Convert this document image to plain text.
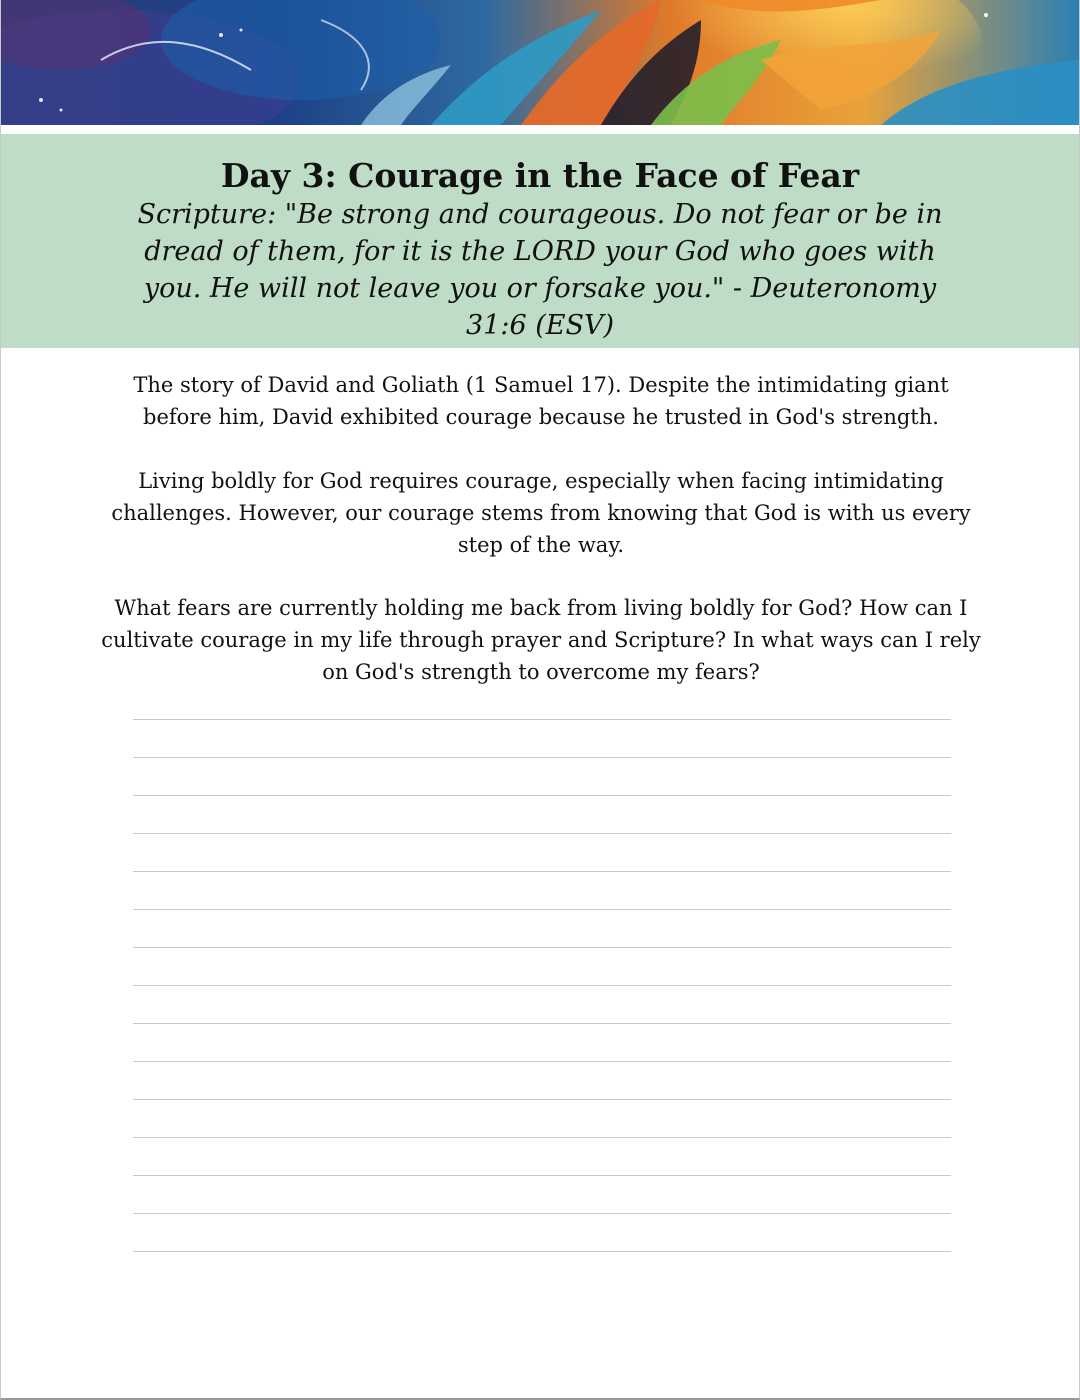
Day 3: Courage in the Face of Fear

Scripture: "Be strong and courageous. Do not fear or be in dread of them, for it is the LORD your God who goes with you. He will not leave you or forsake you." - Deuteronomy 31:6 (ESV)

The story of David and Goliath (1 Samuel 17). Despite the intimidating giant before him, David exhibited courage because he trusted in God's strength.

Living boldly for God requires courage, especially when facing intimidating challenges. However, our courage stems from knowing that God is with us every step of the way.

What fears are currently holding me back from living boldly for God? How can I cultivate courage in my life through prayer and Scripture? In what ways can I rely on God's strength to overcome my fears?
